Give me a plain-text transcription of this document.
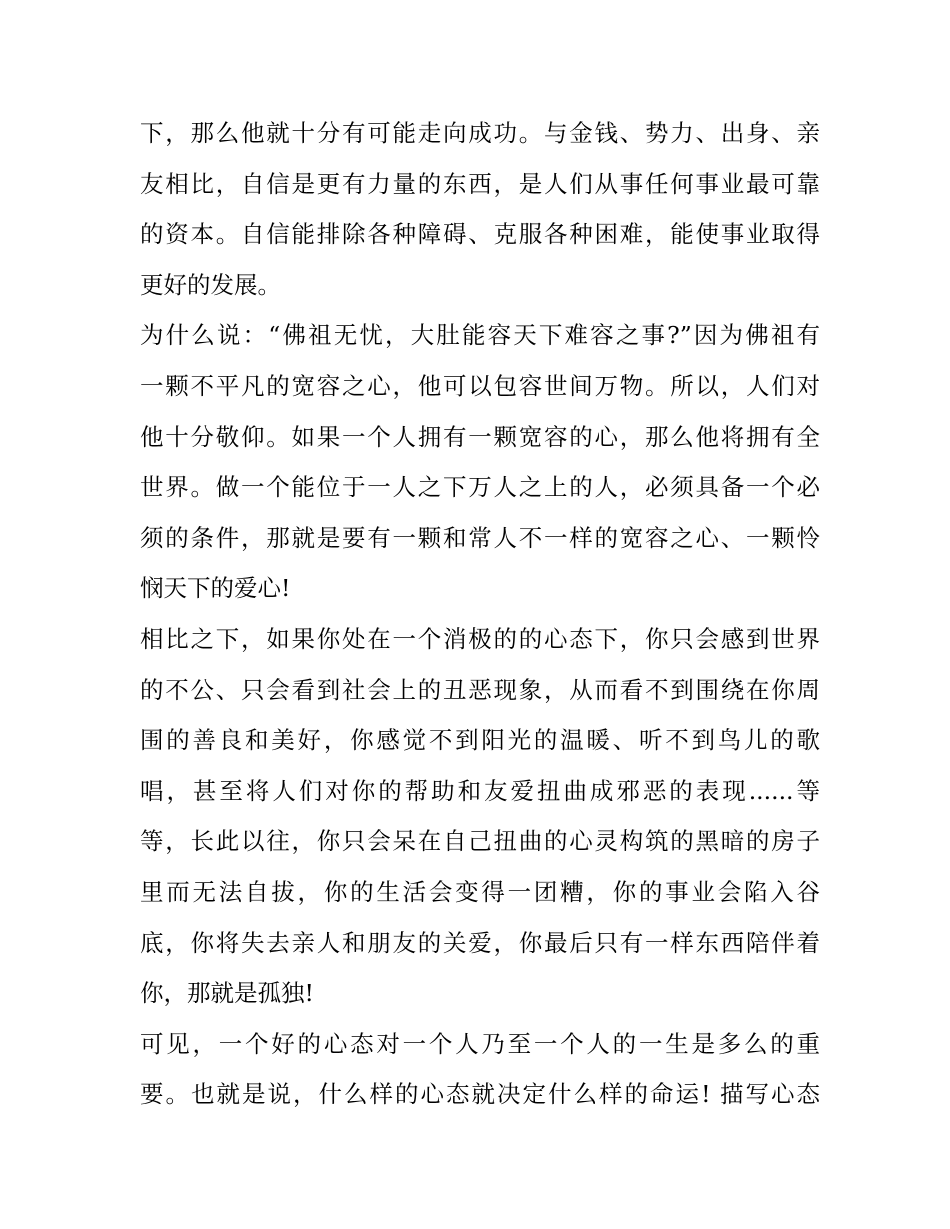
下，那么他就十分有可能走向成功。与金钱、势力、出身、亲
友相比，自信是更有力量的东西，是人们从事任何事业最可靠
的资本。自信能排除各种障碍、克服各种困难，能使事业取得
更好的发展。
为什么说：“佛祖无忧，大肚能容天下难容之事?”因为佛祖有
一颗不平凡的宽容之心，他可以包容世间万物。所以，人们对
他十分敬仰。如果一个人拥有一颗宽容的心，那么他将拥有全
世界。做一个能位于一人之下万人之上的人，必须具备一个必
须的条件，那就是要有一颗和常人不一样的宽容之心、一颗怜
悯天下的爱心!
相比之下，如果你处在一个消极的的心态下，你只会感到世界
的不公、只会看到社会上的丑恶现象，从而看不到围绕在你周
围的善良和美好，你感觉不到阳光的温暖、听不到鸟儿的歌
唱，甚至将人们对你的帮助和友爱扭曲成邪恶的表现......等
等，长此以往，你只会呆在自己扭曲的心灵构筑的黑暗的房子
里而无法自拔，你的生活会变得一团糟，你的事业会陷入谷
底，你将失去亲人和朋友的关爱，你最后只有一样东西陪伴着
你，那就是孤独!
可见，一个好的心态对一个人乃至一个人的一生是多么的重
要。也就是说，什么样的心态就决定什么样的命运! 描写心态
